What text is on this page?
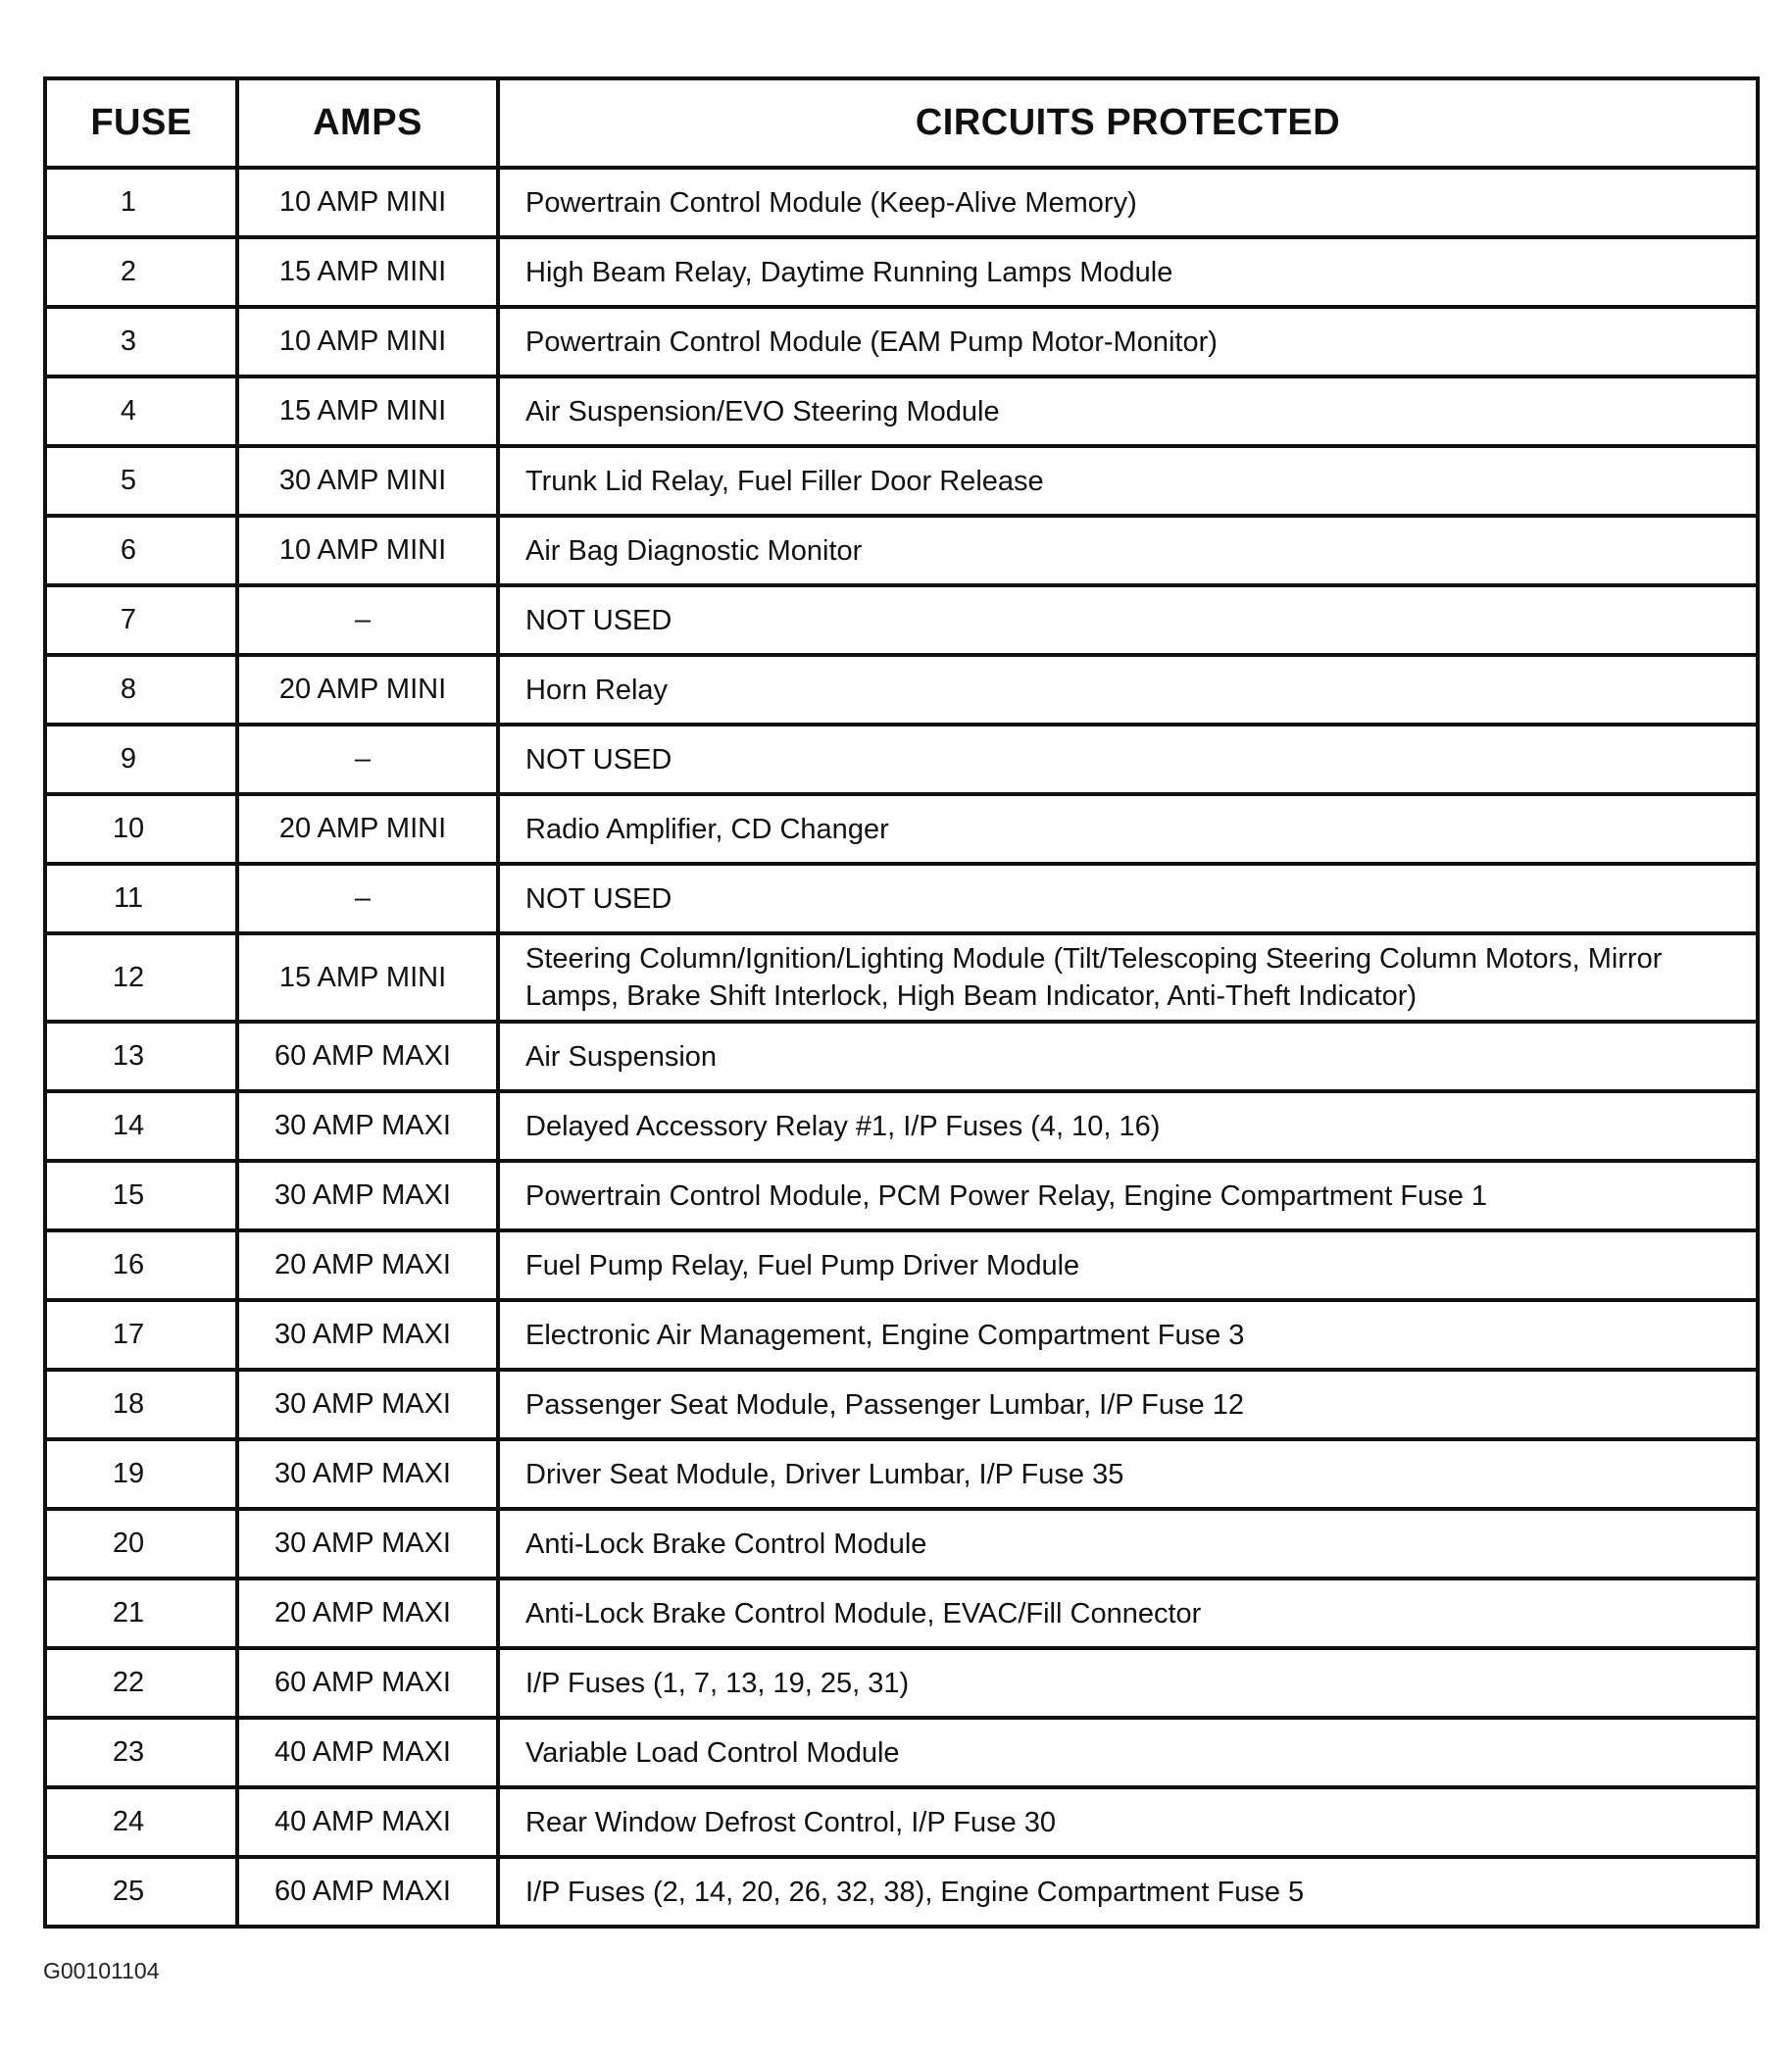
FUSE	AMPS	CIRCUITS PROTECTED
1	10 AMP MINI	Powertrain Control Module (Keep-Alive Memory)
2	15 AMP MINI	High Beam Relay, Daytime Running Lamps Module
3	10 AMP MINI	Powertrain Control Module (EAM Pump Motor-Monitor)
4	15 AMP MINI	Air Suspension/EVO Steering Module
5	30 AMP MINI	Trunk Lid Relay, Fuel Filler Door Release
6	10 AMP MINI	Air Bag Diagnostic Monitor
7	–	NOT USED
8	20 AMP MINI	Horn Relay
9	–	NOT USED
10	20 AMP MINI	Radio Amplifier, CD Changer
11	–	NOT USED
12	15 AMP MINI	Steering Column/Ignition/Lighting Module (Tilt/Telescoping Steering Column Motors, Mirror Lamps, Brake Shift Interlock, High Beam Indicator, Anti-Theft Indicator)
13	60 AMP MAXI	Air Suspension
14	30 AMP MAXI	Delayed Accessory Relay #1, I/P Fuses (4, 10, 16)
15	30 AMP MAXI	Powertrain Control Module, PCM Power Relay, Engine Compartment Fuse 1
16	20 AMP MAXI	Fuel Pump Relay, Fuel Pump Driver Module
17	30 AMP MAXI	Electronic Air Management, Engine Compartment Fuse 3
18	30 AMP MAXI	Passenger Seat Module, Passenger Lumbar, I/P Fuse 12
19	30 AMP MAXI	Driver Seat Module, Driver Lumbar, I/P Fuse 35
20	30 AMP MAXI	Anti-Lock Brake Control Module
21	20 AMP MAXI	Anti-Lock Brake Control Module, EVAC/Fill Connector
22	60 AMP MAXI	I/P Fuses (1, 7, 13, 19, 25, 31)
23	40 AMP MAXI	Variable Load Control Module
24	40 AMP MAXI	Rear Window Defrost Control, I/P Fuse 30
25	60 AMP MAXI	I/P Fuses (2, 14, 20, 26, 32, 38), Engine Compartment Fuse 5
G00101104
